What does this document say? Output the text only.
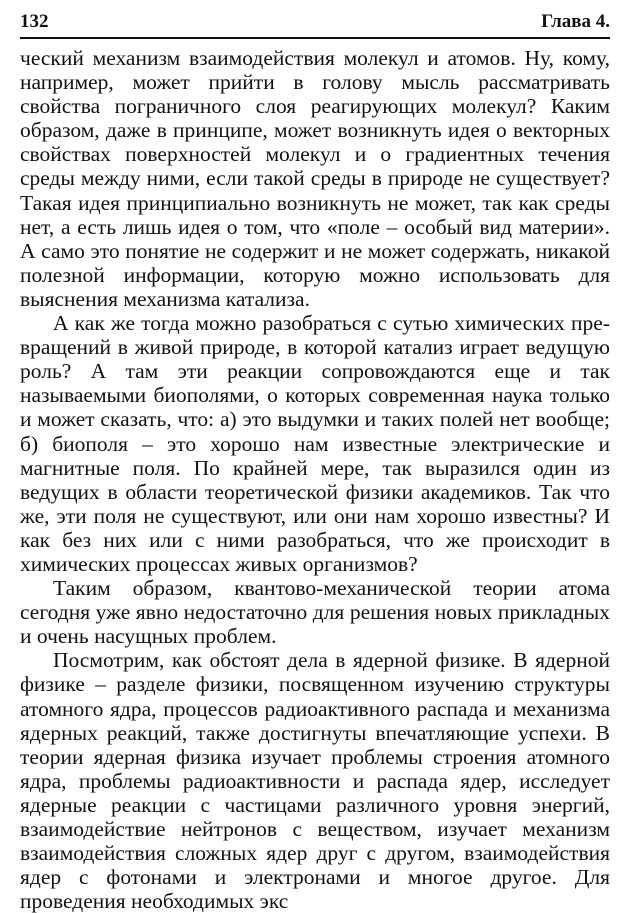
132	Глава 4.

ческий механизм взаимодействия молекул и атомов. Ну, кому, например, может прийти в голову мысль рассматривать свойства пограничного слоя реагирующих молекул? Каким образом, даже в принципе, может возникнуть идея о векторных свойствах поверхностей молекул и о градиентных течения среды между ними, если такой среды в природе не существует? Такая идея принципиально возникнуть не может, так как среды нет, а есть лишь идея о том, что «поле – особый вид материи». А само это понятие не содержит и не может содержать, никакой полезной информации, которую можно использовать для выяснения механизма катализа.

А как же тогда можно разобраться с сутью химических превращений в живой природе, в которой катализ играет ведущую роль? А там эти реакции сопровождаются еще и так называемыми биополями, о которых современная наука только и может сказать, что: а) это выдумки и таких полей нет вообще; б) биополя – это хорошо нам известные электрические и магнитные поля. По крайней мере, так выразился один из ведущих в области теоретической физики академиков. Так что же, эти поля не существуют, или они нам хорошо известны? И как без них или с ними разобраться, что же происходит в химических процессах живых организмов?

Таким образом, квантово-механической теории атома сегодня уже явно недостаточно для решения новых прикладных и очень насущных проблем.

Посмотрим, как обстоят дела в ядерной физике. В ядерной физике – разделе физики, посвященном изучению структуры атомного ядра, процессов радиоактивного распада и механизма ядерных реакций, также достигнуты впечатляющие успехи. В теории ядерная физика изучает проблемы строения атомного ядра, проблемы радиоактивности и распада ядер, исследует ядерные реакции с частицами различного уровня энергий, взаимодействие нейтронов с веществом, изучает механизм взаимодействия сложных ядер друг с другом, взаимодействия ядер с фотонами и электронами и многое другое. Для проведения необходимых экс
